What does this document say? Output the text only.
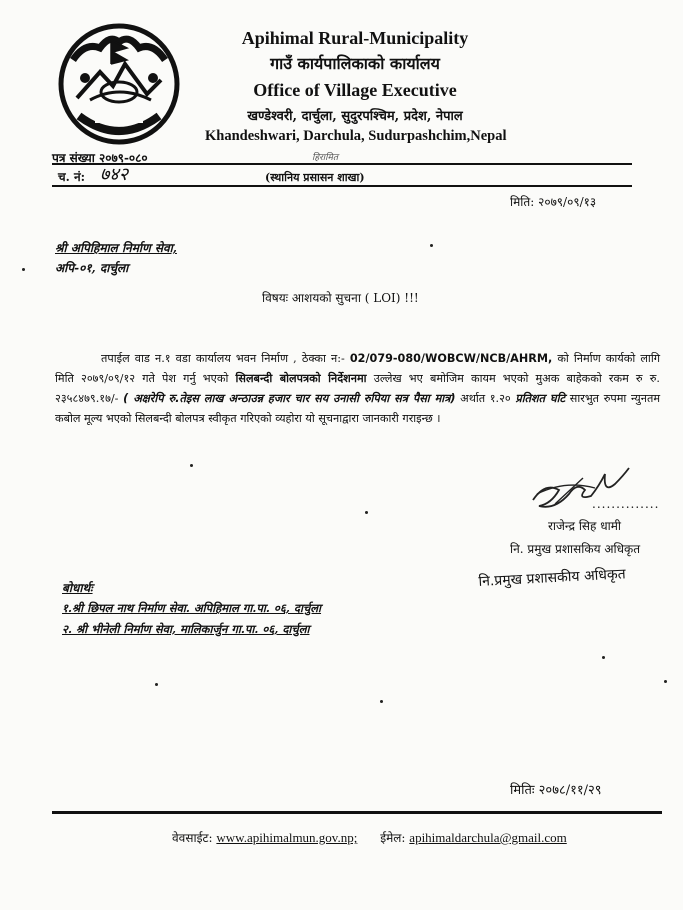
Apihimal Rural-Municipality
गाउँ कार्यपालिकाको कार्यालय
Office of Village Executive
खण्डेश्वरी, दार्चुला, सुदुरपश्चिम, प्रदेश, नेपाल
Khandeshwari, Darchula, Sudurpashchim,Nepal
हिरामित
पत्र संख्या २०७९-०८०
च. नं: ७४२	(स्थानिय प्रसासन शाखा)
मिति: २०७९/०९/१३
श्री अपिहिमाल निर्माण सेवा,
अपि-०१, दार्चुला
विषयः आशयको सुचना ( LOI) !!!
तपाईल वाड न.१ वडा कार्यालय भवन निर्माण , ठेक्का न:- 02/079-080/WOBCW/NCB/AHRM, को निर्माण कार्यको लागि मिति २०७९/०९/१२ गते पेश गर्नु भएको सिलबन्दी बोलपत्रको निर्देशनमा उल्लेख भए बमोजिम कायम भएको मुअक बाहेकको रकम रु रु. २३५८४७९.१७/- ( अक्षरेपि रु.तेइस लाख अन्ठाउन्न हजार चार सय उनासी रुपिया सत्र पैसा मात्र) अर्थात १.२० प्रतिशत घटि सारभुत रुपमा न्युनतम कबोल मूल्य भएको सिलबन्दी बोलपत्र स्वीकृत गरिएको व्यहोरा यो सूचनाद्वारा जानकारी गराइन्छ ।
..............
राजेन्द्र सिह धामी
नि. प्रमुख प्रशासकिय अधिकृत
नि.प्रमुख प्रशासकीय अधिकृत
बोधार्थः
१.श्री छिपल नाथ निर्माण सेवा. अपिहिमाल गा.पा. ०६, दार्चुला
२. श्री भीनेली निर्माण सेवा, मालिकार्जुन गा.पा. ०६, दार्चुला
मितिः २०७८/११/२९
वेवसाईट: www.apihimalmun.gov.np; ईमेल: apihimaldarchula@gmail.com
